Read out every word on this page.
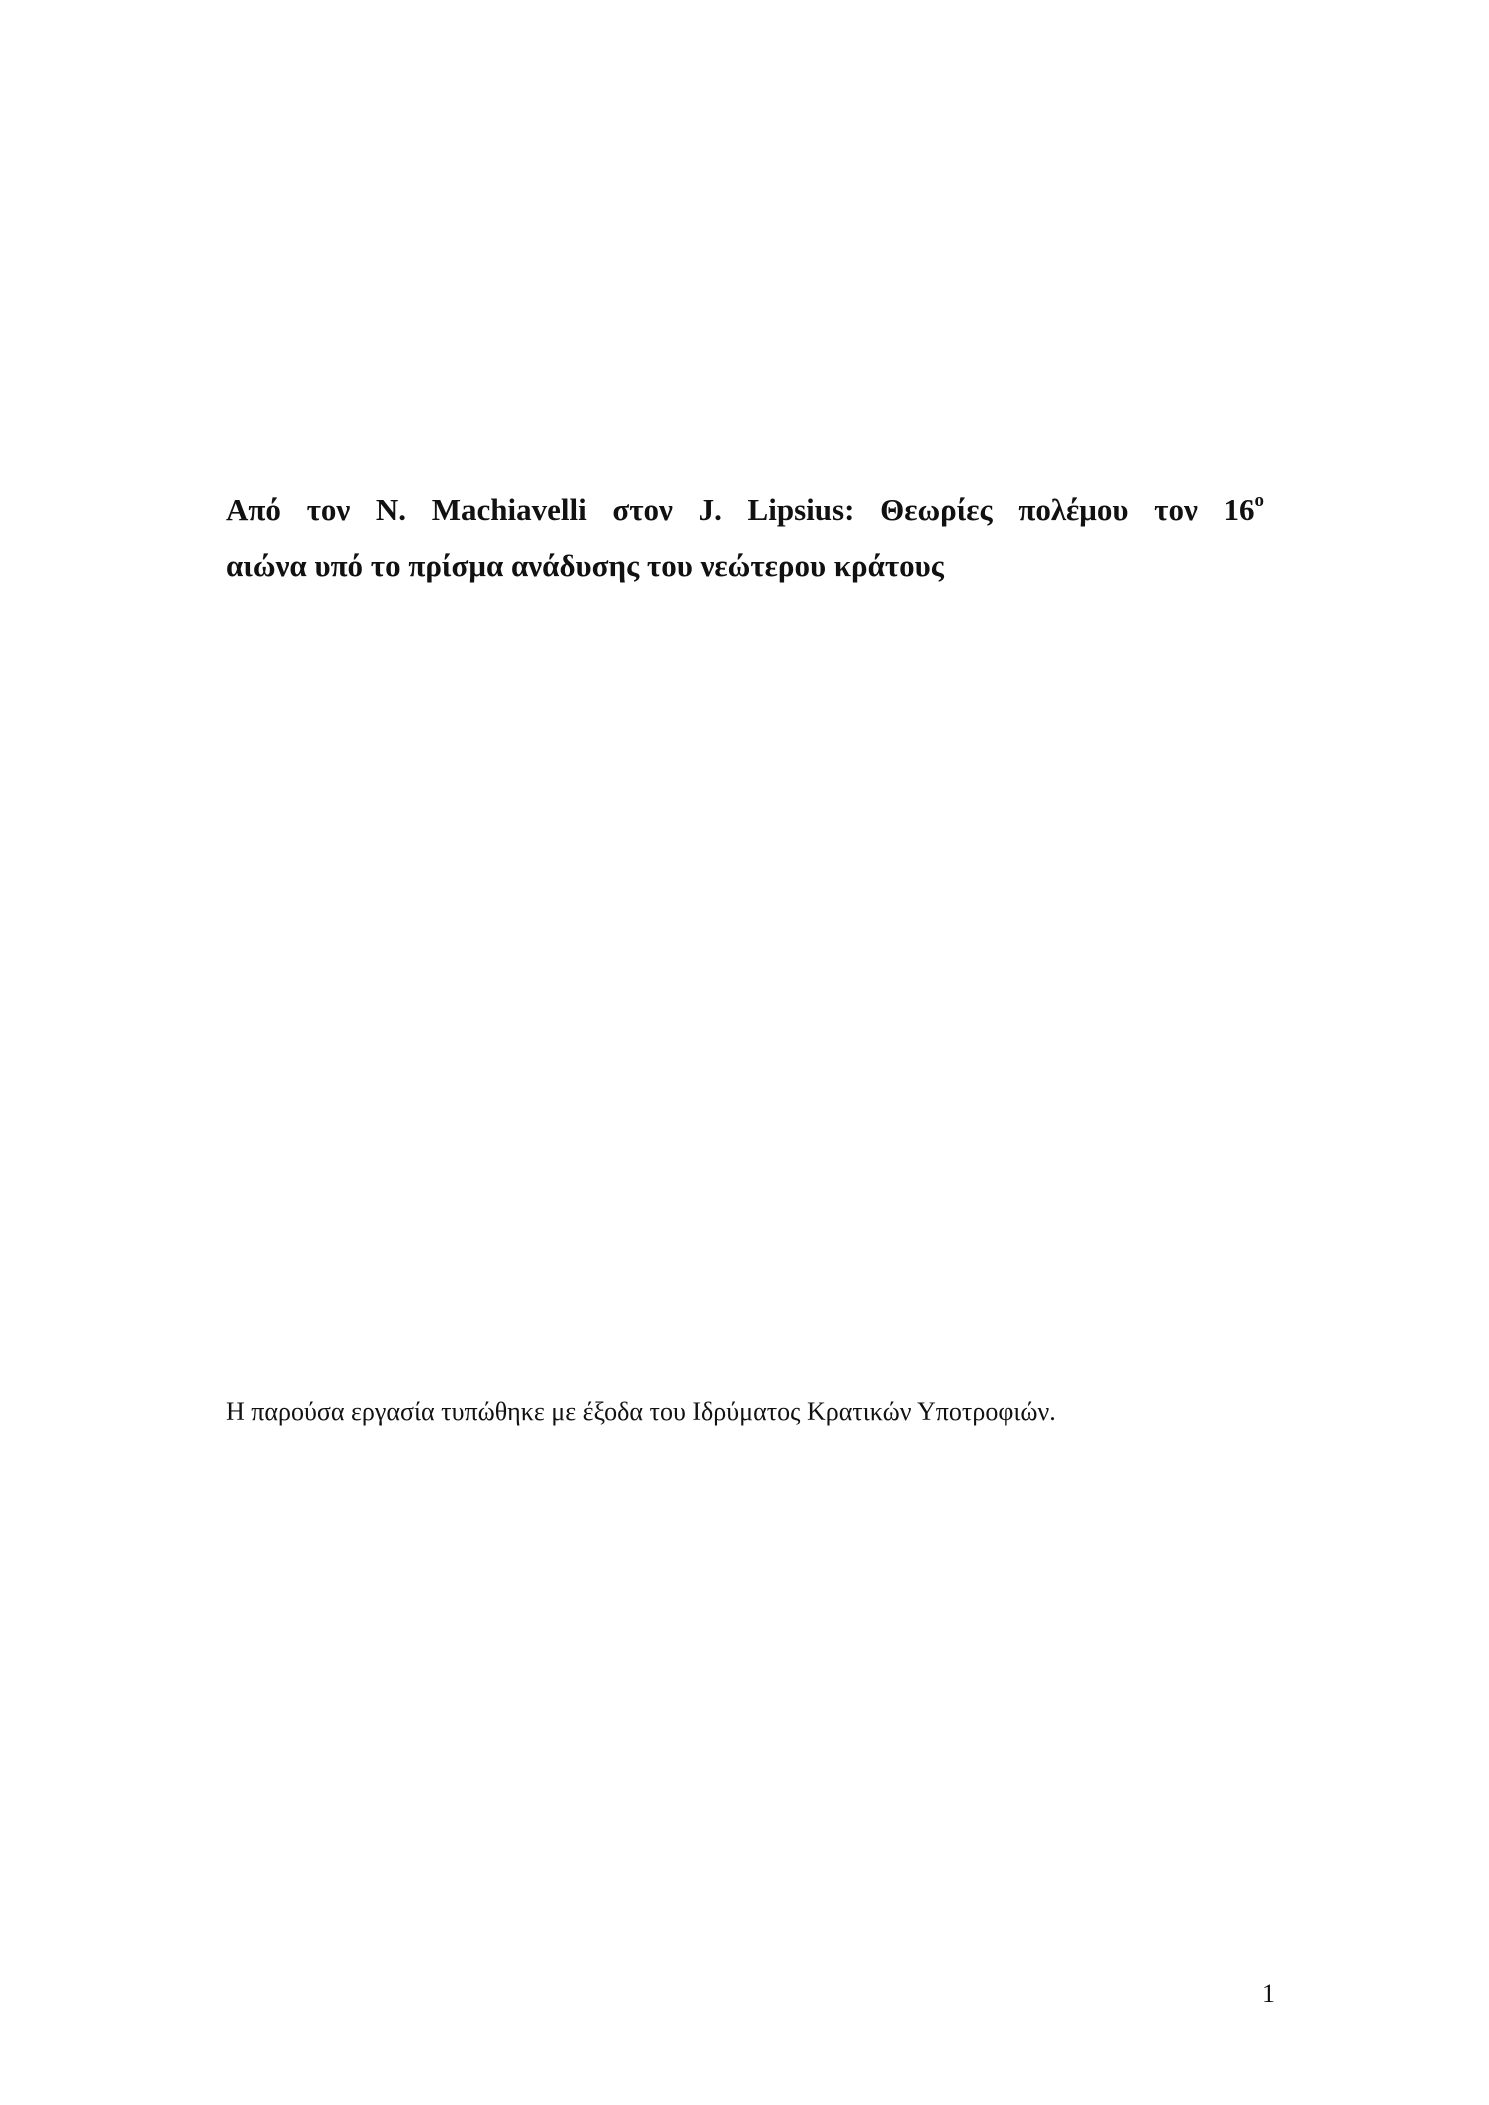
Από τον N. Machiavelli στον J. Lipsius: Θεωρίες πολέμου τον $16^o$
αιώνα υπό το πρίσμα ανάδυσης του νεώτερου κράτους
Η παρούσα εργασία τυπώθηκε με έξοδα του Ιδρύματος Κρατικών Υποτροφιών.
1
